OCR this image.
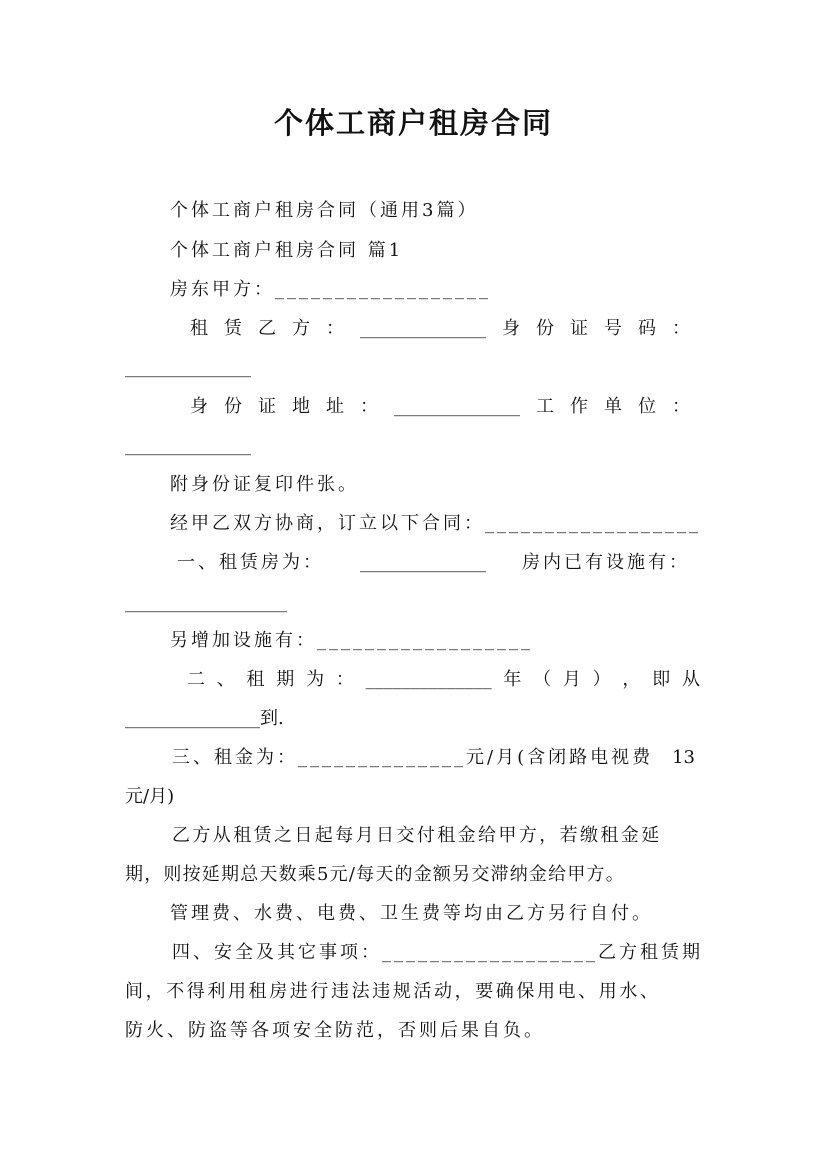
个体工商户租房合同
个体工商户租房合同（通用3篇）
个体工商户租房合同 篇1
房东甲方：__________________
租 赁 乙 方 ： ______________ 身 份 证 号 码 ：
______________
身 份 证 地 址 ： ______________ 工 作 单 位 ：
______________
附身份证复印件张。
经甲乙双方协商，订立以下合同：__________________
一、租赁房为： ______________ 房内已有设施有：
__________________
另增加设施有：__________________
二 、 租 期 为 ： ______________ 年 （ 月 ） ， 即 从
_______________到.
三、租金为：______________元/月(含闭路电视费 13
元/月)
乙方从租赁之日起每月日交付租金给甲方，若缴租金延
期，则按延期总天数乘5元/每天的金额另交滞纳金给甲方。
管理费、水费、电费、卫生费等均由乙方另行自付。
四、安全及其它事项：__________________乙方租赁期
间，不得利用租房进行违法违规活动，要确保用电、用水、
防火、防盗等各项安全防范，否则后果自负。
